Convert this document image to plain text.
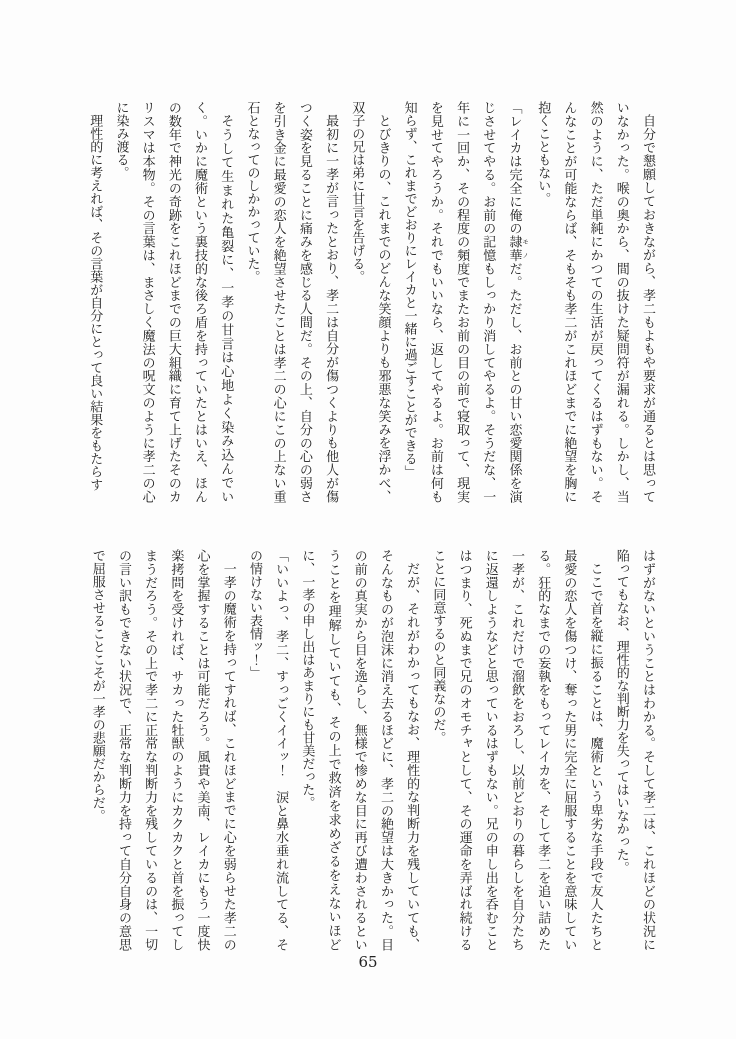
自分で懇願しておきながら、孝二もよもや要求が通るとは思っていなかった。喉の奥から、間の抜けた疑問符が漏れる。しかし、当然のように、ただ単純にかつての生活が戻ってくるはずもない。そんなことが可能ならば、そもそも孝二がこれほどまでに絶望を胸に抱くこともない。

「レイカは完全に俺の隷華 モノだ。ただし、お前との甘い恋愛関係を演じさせてやる。お前の記憶もしっかり消してやるよ。そうだな、一年に一回か、その程度の頻度でまたお前の目の前で寝取って、現実を見せてやろうか。それでもいいなら、返してやるよ。お前は何も知らず、これまでどおりにレイカと一緒に過ごすことができる」

とびきりの、これまでのどんな笑顔よりも邪悪な笑みを浮かべ、双子の兄は弟に甘言を告げる。

最初に一孝が言ったとおり、孝二は自分が傷つくよりも他人が傷つく姿を見ることに痛みを感じる人間だ。その上、自分の心の弱さを引き金に最愛の恋人を絶望させたことは孝二の心にこの上ない重石となってのしかかっていた。

そうして生まれた亀裂に、一孝の甘言は心地よく染み込んでいく。いかに魔術という裏技的な後ろ盾を持っていたとはいえ、ほんの数年で神光の奇跡をこれほどまでの巨大組織に育て上げたそのカリスマは本物。その言葉は、まさしく魔法の呪文のように孝二の心に染み渡る。

理性的に考えれば、その言葉が自分にとって良い結果をもたらす

はずがないということはわかる。そして孝二は、これほどの状況に陥ってもなお、理性的な判断力を失ってはいなかった。

ここで首を縦に振ることは、魔術という卑劣な手段で友人たちと最愛の恋人を傷つけ、奪った男に完全に屈服することを意味している。狂的なまでの妄執をもってレイカを、そして孝二を追い詰めた一孝が、これだけで溜飲をおろし、以前どおりの暮らしを自分たちに返還しようなどと思っているはずもない。兄の申し出を呑むことはつまり、死ぬまで兄のオモチャとして、その運命を弄ばれ続けることに同意するのと同義なのだ。

だが、それがわかってもなお、理性的な判断力を残していても、そんなものが泡沫に消え去るほどに、孝二の絶望は大きかった。目の前の真実から目を逸らし、無様で惨めな目に再び遭わされるということを理解していても、その上で救済を求めざるをえないほどに、一孝の申し出はあまりにも甘美だった。

「いいよっ、孝二、すっごくイイッ！　涙と鼻水垂れ流してる、その情けない表情ッ！」

一孝の魔術を持ってすれば、これほどまでに心を弱らせた孝二の心を掌握することは可能だろう。風貴や美南、レイカにもう一度快楽拷問を受ければ、サカった牡獣のようにカクカクと首を振ってしまうだろう。その上で孝二に正常な判断力を残しているのは、一切の言い訳もできない状況で、正常な判断力を持って自分自身の意思で屈服させることこそが一孝の悲願だからだ。

65
